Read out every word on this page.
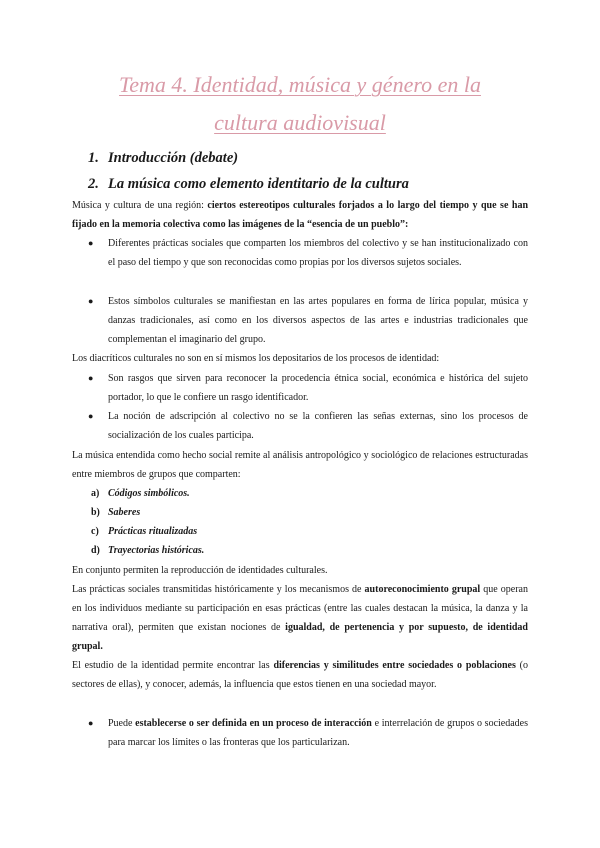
Tema 4. Identidad, música y género en la
cultura audiovisual
1. Introducción (debate)
2. La música como elemento identitario de la cultura
Música y cultura de una región: ciertos estereotipos culturales forjados a lo largo del tiempo y que se han fijado en la memoria colectiva como las imágenes de la “esencia de un pueblo”:
● Diferentes prácticas sociales que comparten los miembros del colectivo y se han institucionalizado con el paso del tiempo y que son reconocidas como propias por los diversos sujetos sociales.
● Estos símbolos culturales se manifiestan en las artes populares en forma de lírica popular, música y danzas tradicionales, así como en los diversos aspectos de las artes e industrias tradicionales que complementan el imaginario del grupo.
Los diacríticos culturales no son en sí mismos los depositarios de los procesos de identidad:
● Son rasgos que sirven para reconocer la procedencia étnica social, económica e histórica del sujeto portador, lo que le confiere un rasgo identificador.
● La noción de adscripción al colectivo no se la confieren las señas externas, sino los procesos de socialización de los cuales participa.
La música entendida como hecho social remite al análisis antropológico y sociológico de relaciones estructuradas entre miembros de grupos que comparten:
a) Códigos simbólicos.
b) Saberes
c) Prácticas ritualizadas
d) Trayectorias históricas.
En conjunto permiten la reproducción de identidades culturales.
Las prácticas sociales transmitidas históricamente y los mecanismos de autoreconocimiento grupal que operan en los individuos mediante su participación en esas prácticas (entre las cuales destacan la música, la danza y la narrativa oral), permiten que existan nociones de igualdad, de pertenencia y por supuesto, de identidad grupal.
El estudio de la identidad permite encontrar las diferencias y similitudes entre sociedades o poblaciones (o sectores de ellas), y conocer, además, la influencia que estos tienen en una sociedad mayor.
● Puede establecerse o ser definida en un proceso de interacción e interrelación de grupos o sociedades para marcar los límites o las fronteras que los particularizan.
